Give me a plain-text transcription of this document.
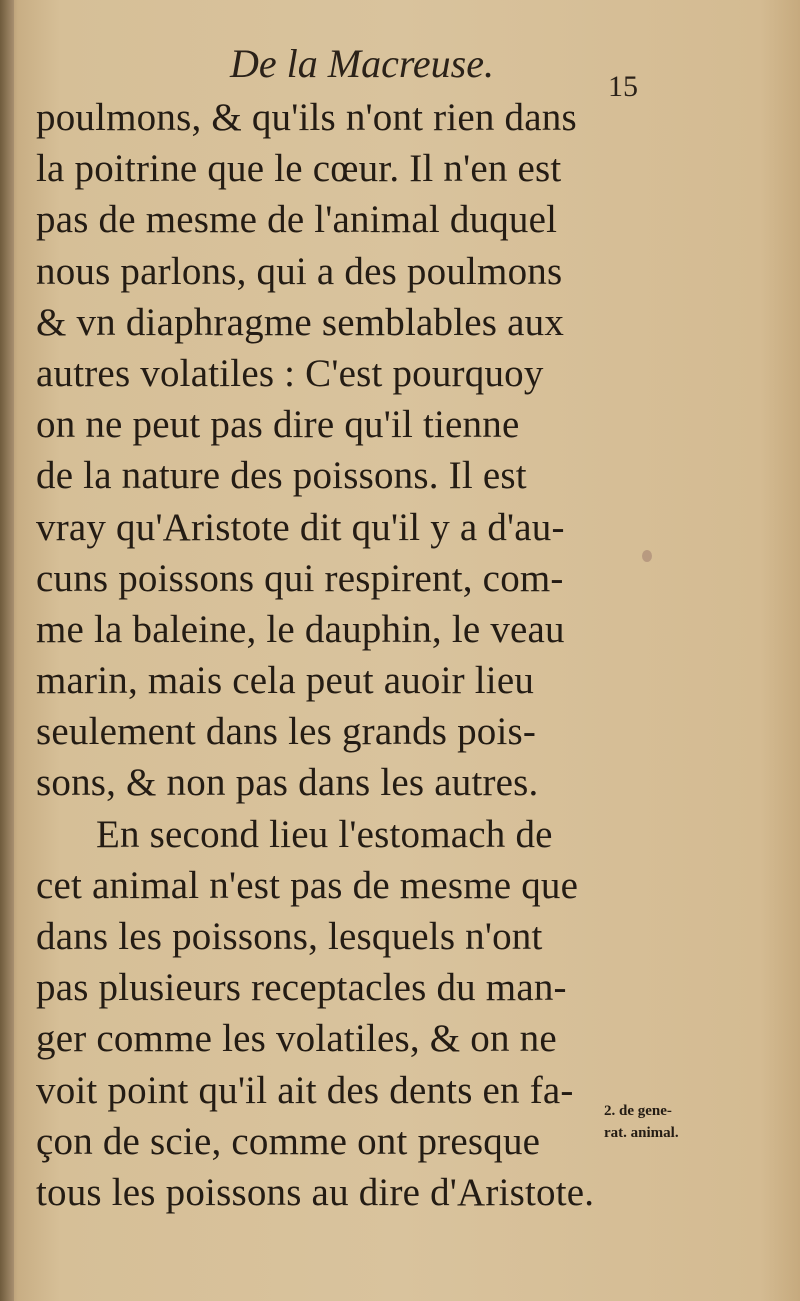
De la Macreuse.
15
poulmons, & qu'ils n'ont rien dans
la poitrine que le cœur. Il n'en est
pas de mesme de l'animal duquel
nous parlons, qui a des poulmons
& vn diaphragme semblables aux
autres volatiles : C'est pourquoy
on ne peut pas dire qu'il tienne
de la nature des poissons. Il est
vray qu'Aristote dit qu'il y a d'au-
cuns poissons qui respirent, com-
me la baleine, le dauphin, le veau
marin, mais cela peut auoir lieu
seulement dans les grands pois-
sons, & non pas dans les autres.
En second lieu l'estomach de
cet animal n'est pas de mesme que
dans les poissons, lesquels n'ont
pas plusieurs receptacles du man-
ger comme les volatiles, & on ne
voit point qu'il ait des dents en fa-
çon de scie, comme ont presque
tous les poissons au dire d'Aristote.
2. de gene-
rat. animal.
